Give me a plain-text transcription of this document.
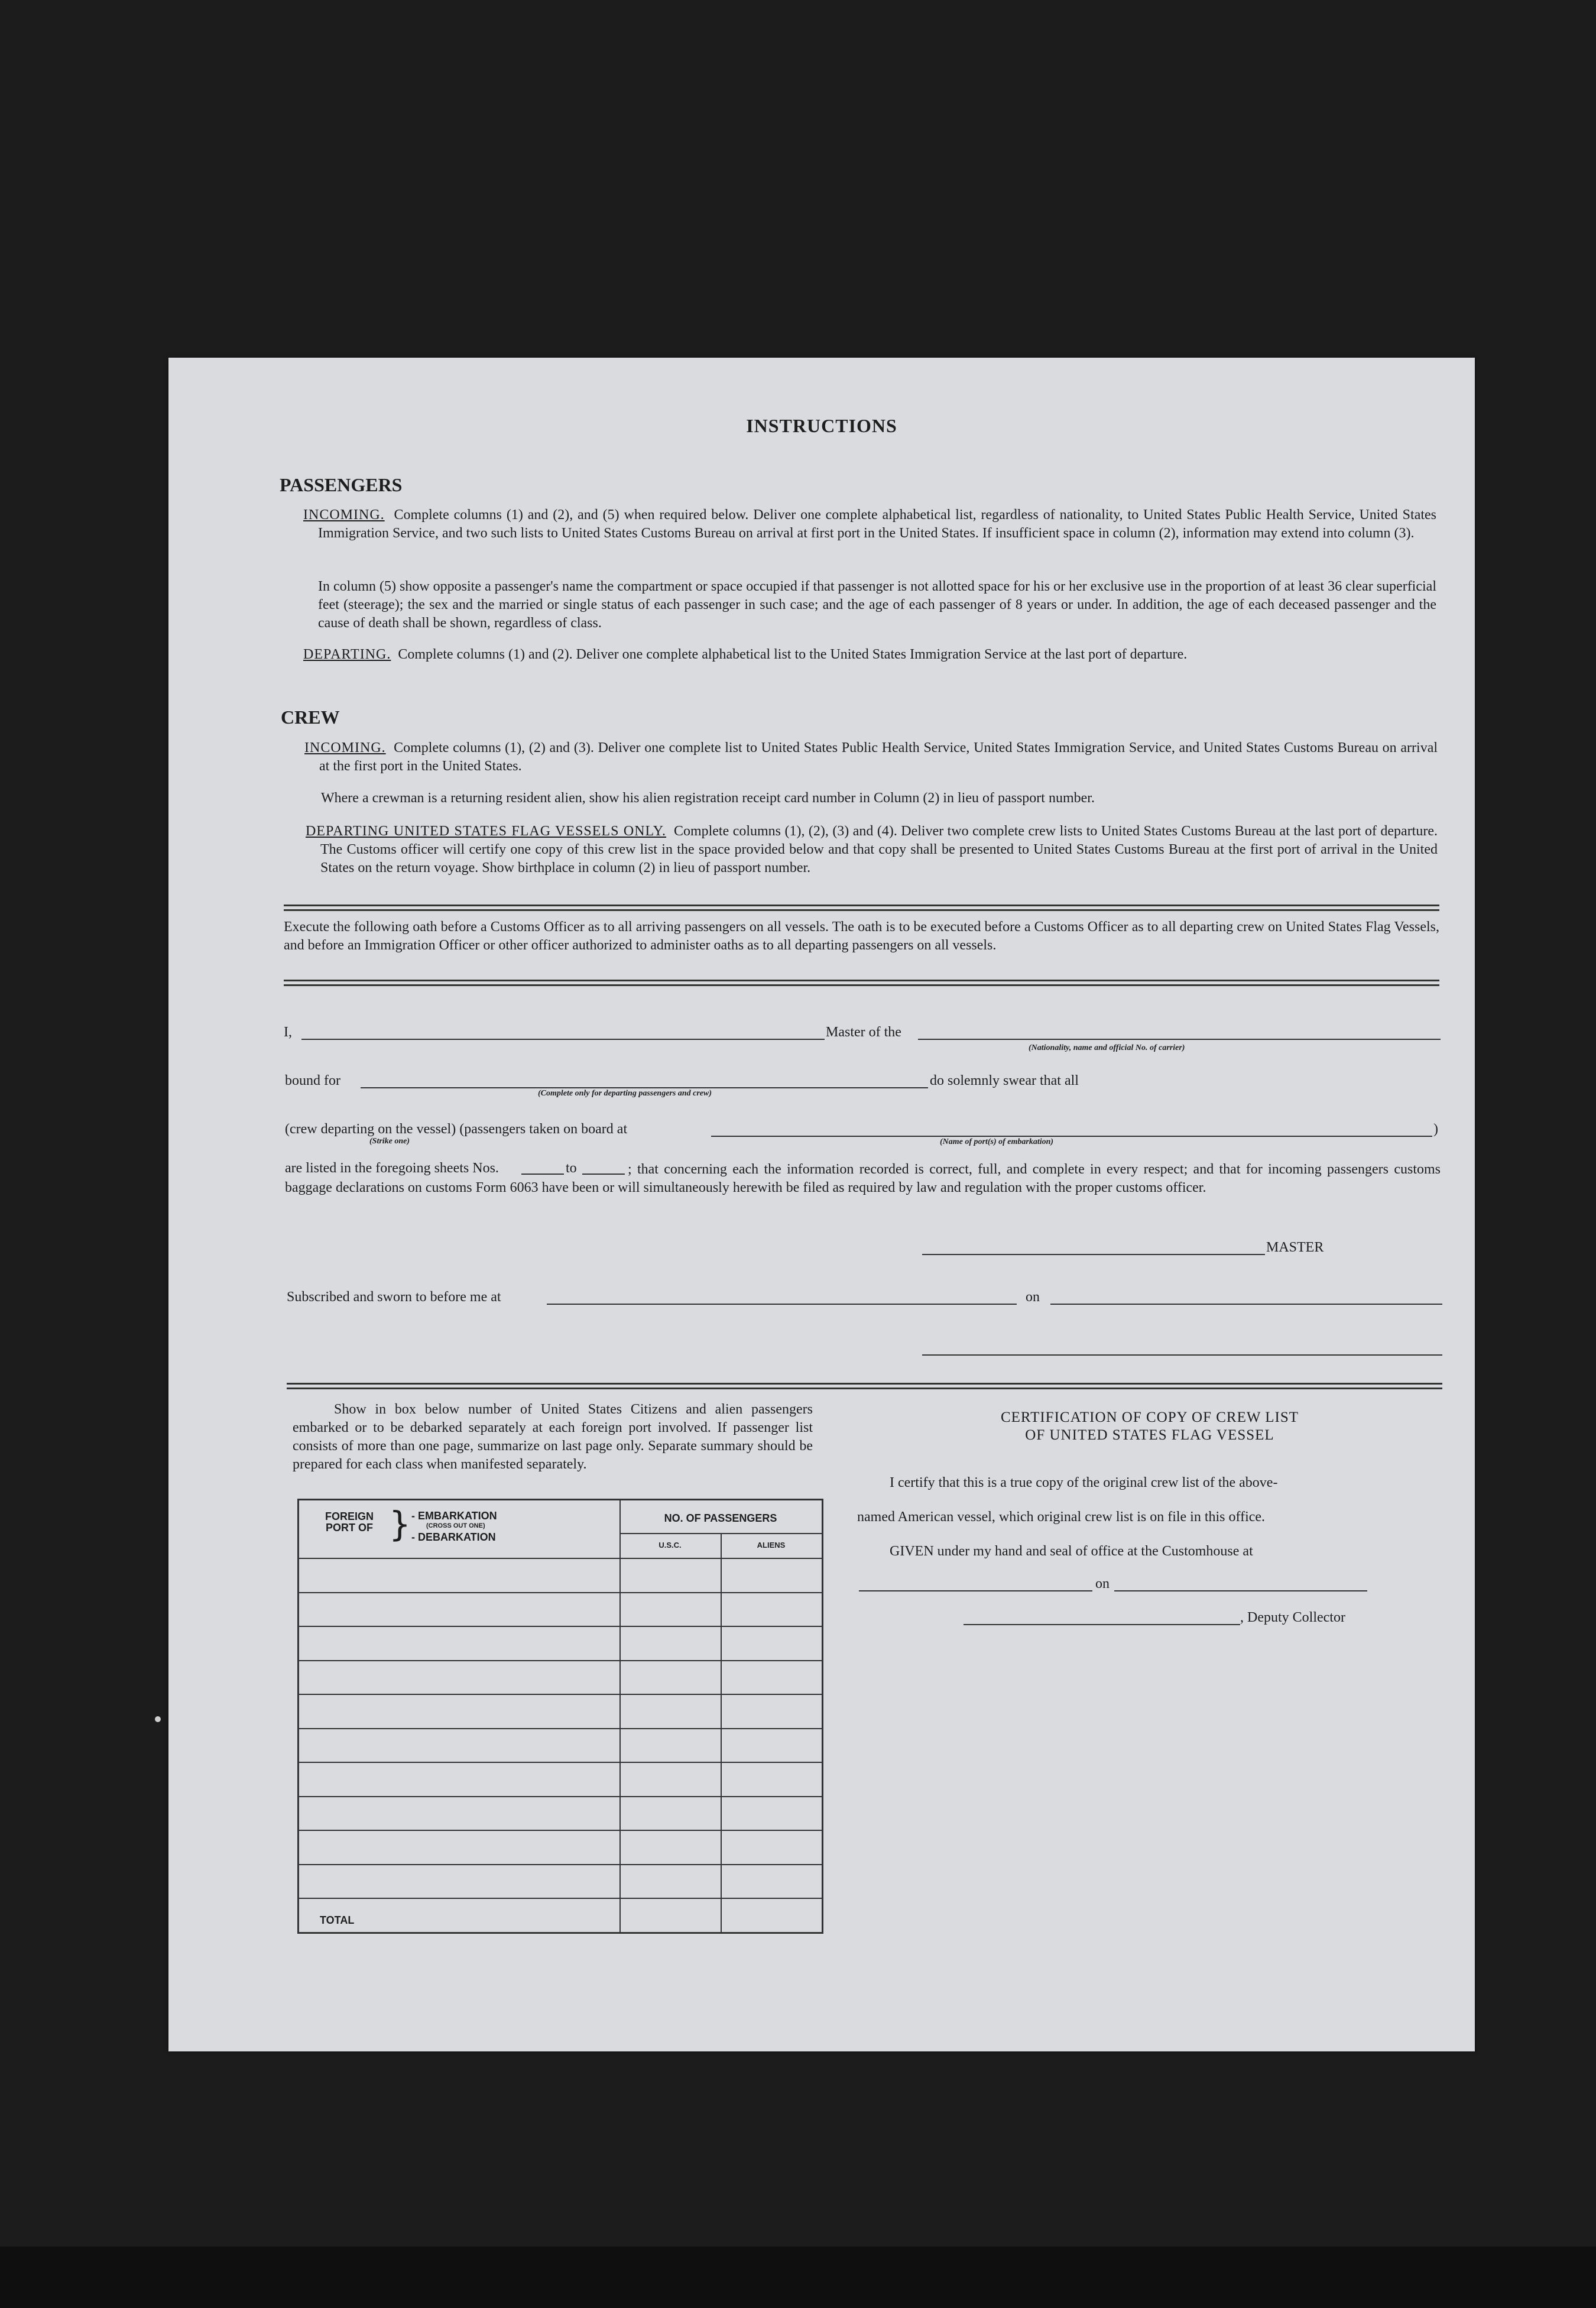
INSTRUCTIONS
PASSENGERS

INCOMING. Complete columns (1) and (2), and (5) when required below. Deliver one complete alphabetical list, regardless of nationality, to United States Public Health Service, United States Immigration Service, and two such lists to United States Customs Bureau on arrival at first port in the United States. If insufficient space in column (2), information may extend into column (3).

In column (5) show opposite a passenger's name the compartment or space occupied if that passenger is not allotted space for his or her exclusive use in the proportion of at least 36 clear superficial feet (steerage); the sex and the married or single status of each passenger in such case; and the age of each passenger of 8 years or under. In addition, the age of each deceased passenger and the cause of death shall be shown, regardless of class.

DEPARTING. Complete columns (1) and (2). Deliver one complete alphabetical list to the United States Immigration Service at the last port of departure.

CREW

INCOMING. Complete columns (1), (2) and (3). Deliver one complete list to United States Public Health Service, United States Immigration Service, and United States Customs Bureau on arrival at the first port in the United States.

Where a crewman is a returning resident alien, show his alien registration receipt card number in Column (2) in lieu of passport number.

DEPARTING UNITED STATES FLAG VESSELS ONLY. Complete columns (1), (2), (3) and (4). Deliver two complete crew lists to United States Customs Bureau at the last port of departure. The Customs officer will certify one copy of this crew list in the space provided below and that copy shall be presented to United States Customs Bureau at the first port of arrival in the United States on the return voyage. Show birthplace in column (2) in lieu of passport number.

Execute the following oath before a Customs Officer as to all arriving passengers on all vessels. The oath is to be executed before a Customs Officer as to all departing crew on United States Flag Vessels, and before an Immigration Officer or other officer authorized to administer oaths as to all departing passengers on all vessels.

I,	Master of the
(Nationality, name and official No. of carrier)
bound for
(Complete only for departing passengers and crew)
do solemnly swear that all
(crew departing on the vessel) (passengers taken on board at
(Strike one)	(Name of port(s) of embarkation)
)
are listed in the foregoing sheets Nos.	to	; that concerning each the information recorded is correct, full, and complete in every respect; and that for incoming passengers customs baggage declarations on customs Form 6063 have been or will simultaneously herewith be filed as required by law and regulation with the proper customs officer.

MASTER
Subscribed and sworn to before me at	on

Show in box below number of United States Citizens and alien passengers embarked or to be debarked separately at each foreign port involved. If passenger list consists of more than one page, summarize on last page only. Separate summary should be prepared for each class when manifested separately.

FOREIGN PORT OF } - EMBARKATION
(CROSS OUT ONE)
- DEBARKATION
NO. OF PASSENGERS
U.S.C.	ALIENS
TOTAL
CERTIFICATION OF COPY OF CREW LIST
OF UNITED STATES FLAG VESSEL
I certify that this is a true copy of the original crew list of the above-
named American vessel, which original crew list is on file in this office.
GIVEN under my hand and seal of office at the Customhouse at
on
, Deputy Collector
